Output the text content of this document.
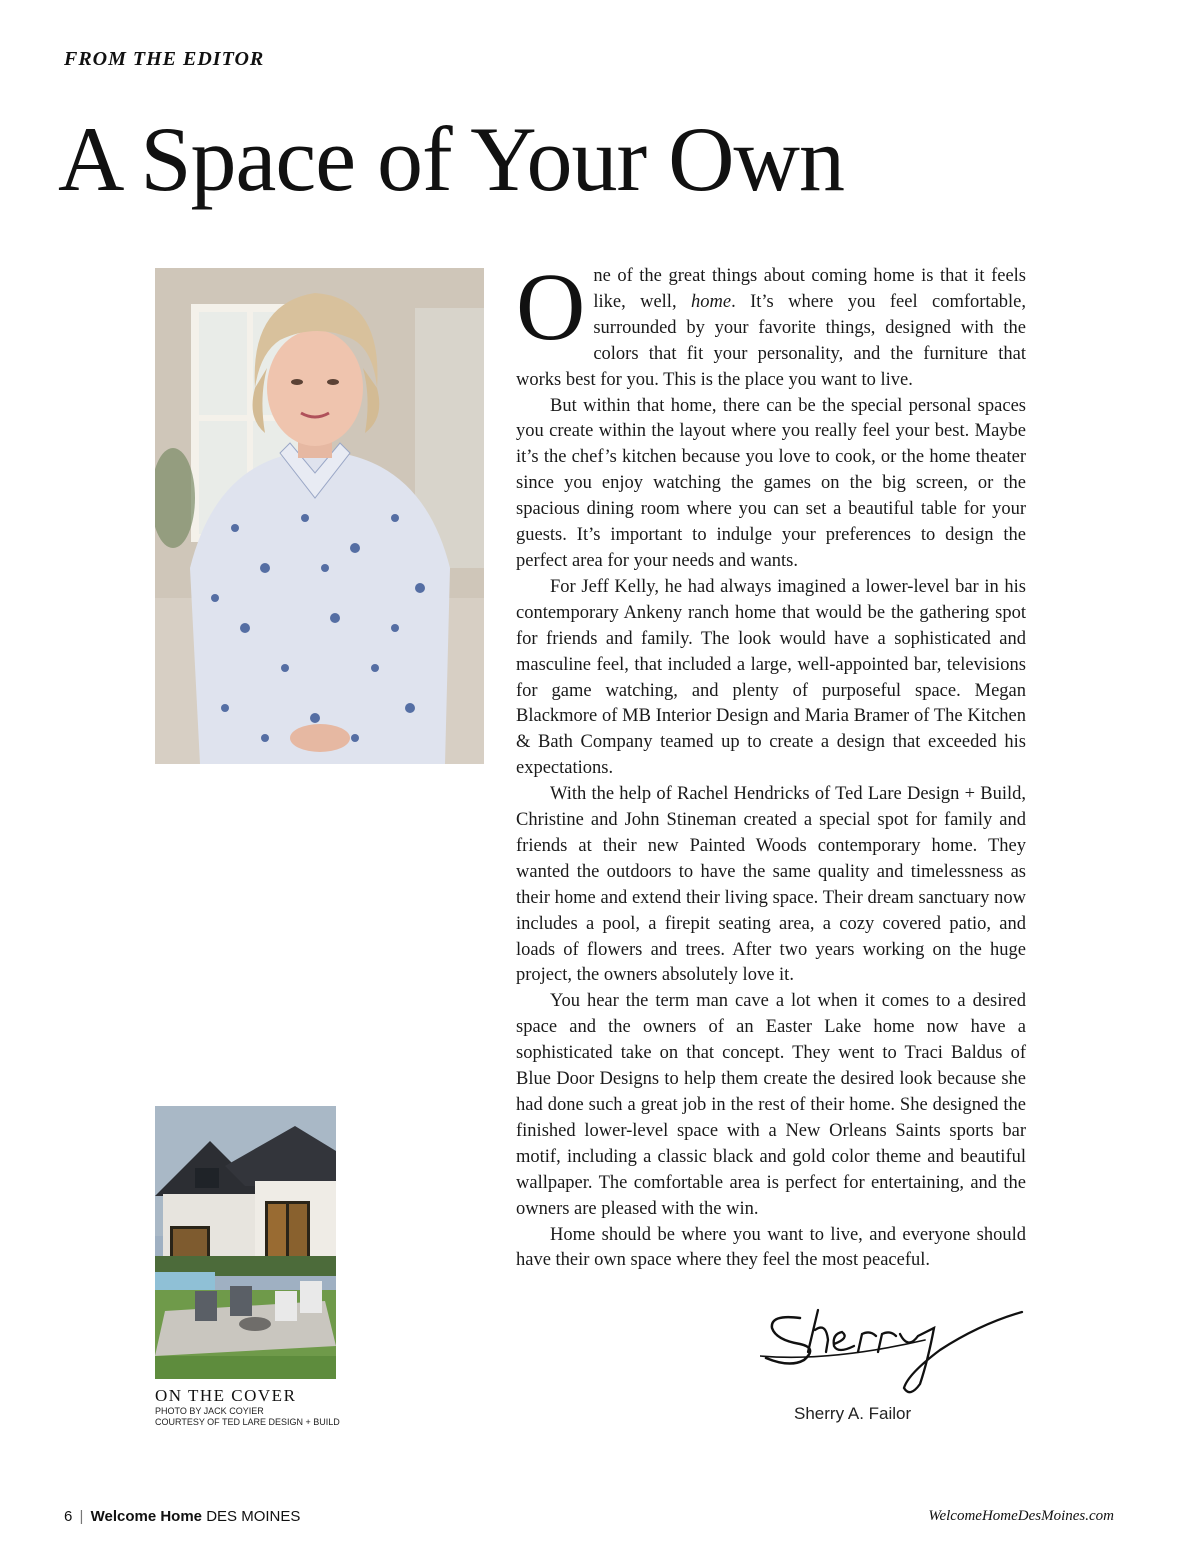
FROM THE EDITOR
A Space of Your Own

One of the great things about coming home is that it feels like, well, home. It’s where you feel comfortable, surrounded by your favorite things, designed with the colors that fit your personality, and the furniture that works best for you. This is the place you want to live.

But within that home, there can be the special personal spaces you create within the layout where you really feel your best. Maybe it’s the chef’s kitchen because you love to cook, or the home theater since you enjoy watching the games on the big screen, or the spacious dining room where you can set a beautiful table for your guests. It’s important to indulge your preferences to design the perfect area for your needs and wants.

For Jeff Kelly, he had always imagined a lower-level bar in his contemporary Ankeny ranch home that would be the gathering spot for friends and family. The look would have a sophisticated and masculine feel, that included a large, well-appointed bar, televisions for game watching, and plenty of purposeful space. Megan Blackmore of MB Interior Design and Maria Bramer of The Kitchen & Bath Company teamed up to create a design that exceeded his expectations.

With the help of Rachel Hendricks of Ted Lare Design + Build, Christine and John Stineman created a special spot for family and friends at their new Painted Woods contemporary home. They wanted the outdoors to have the same quality and timelessness as their home and extend their living space. Their dream sanctuary now includes a pool, a firepit seating area, a cozy covered patio, and loads of flowers and trees. After two years working on the huge project, the owners absolutely love it.

You hear the term man cave a lot when it comes to a desired space and the owners of an Easter Lake home now have a sophisticated take on that concept. They went to Traci Baldus of Blue Door Designs to help them create the desired look because she had done such a great job in the rest of their home. She designed the finished lower-level space with a New Orleans Saints sports bar motif, including a classic black and gold color theme and beautiful wallpaper. The comfortable area is perfect for entertaining, and the owners are pleased with the win.

Home should be where you want to live, and everyone should have their own space where they feel the most peaceful.

ON THE COVER
PHOTO BY JACK COYIER
COURTESY OF TED LARE DESIGN + BUILD	Sherry A. Failor
6 | Welcome Home DES MOINES	WelcomeHomeDesMoines.com
